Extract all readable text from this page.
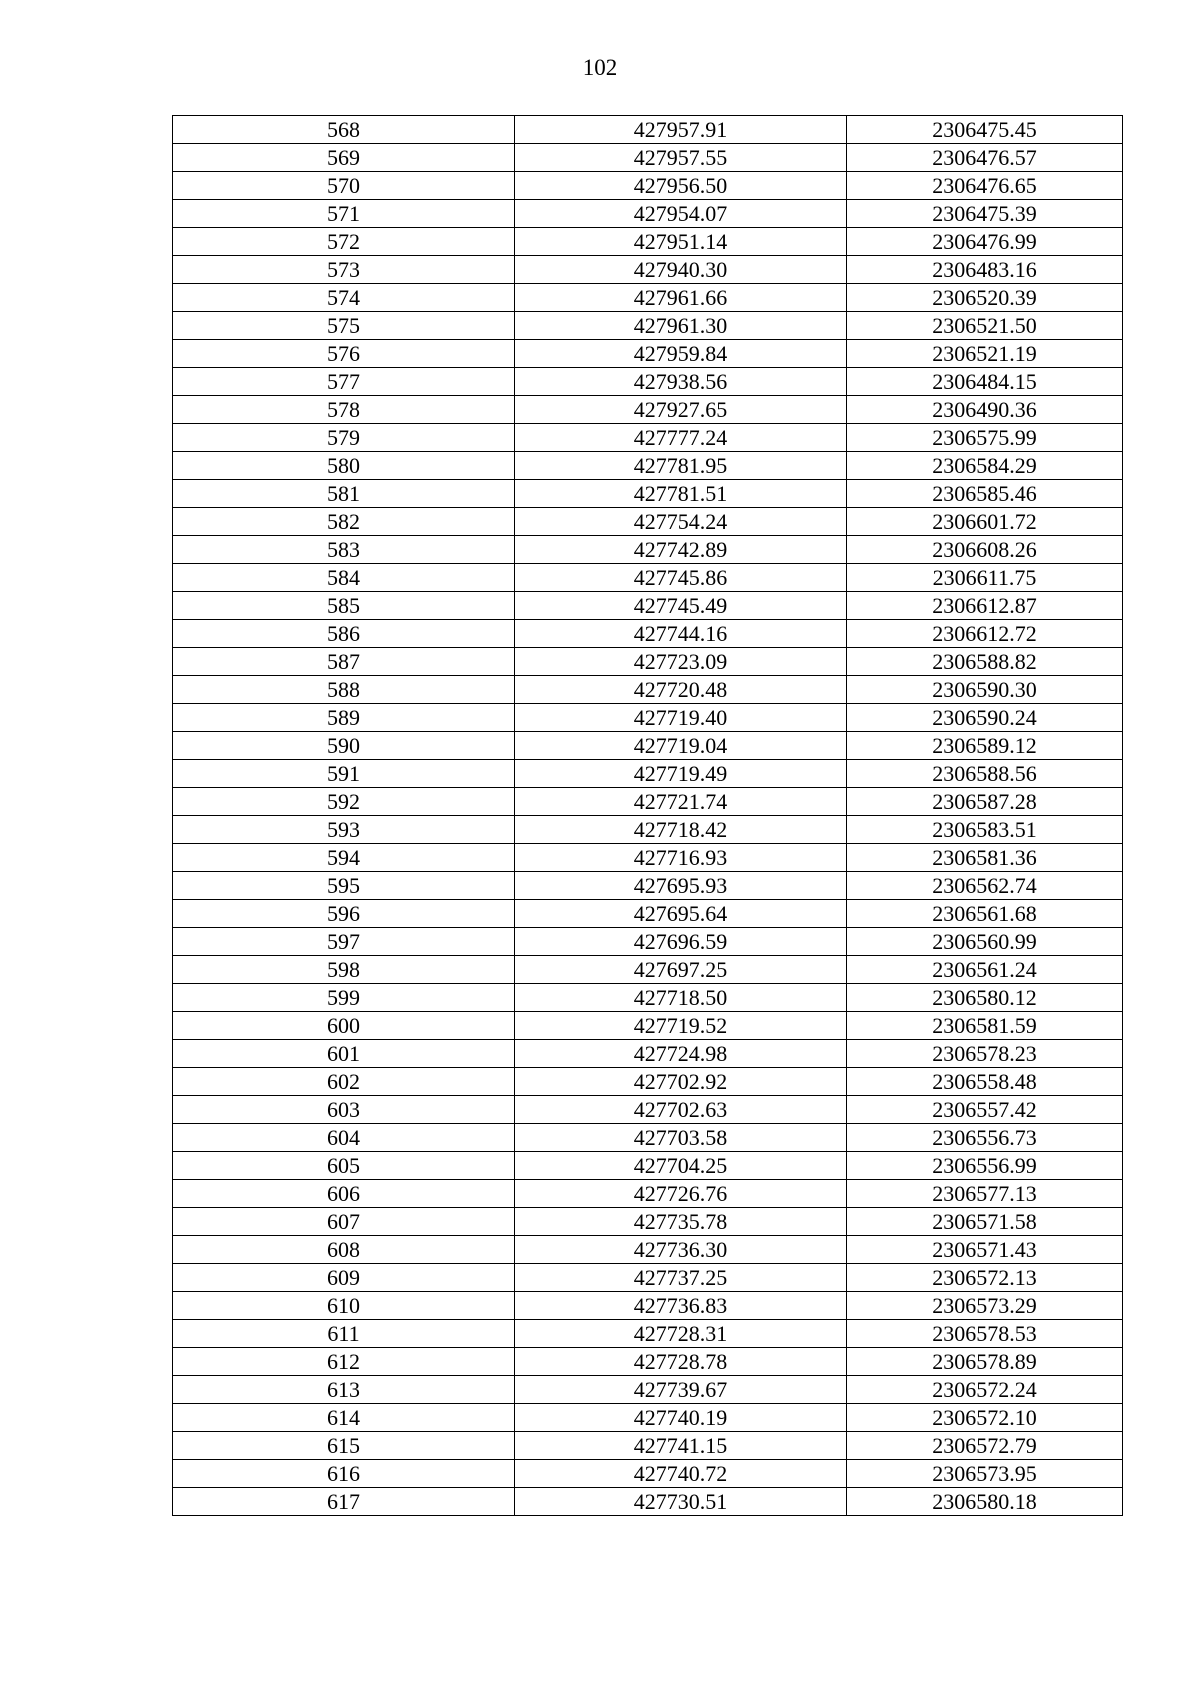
102
568	427957.91	2306475.45
569	427957.55	2306476.57
570	427956.50	2306476.65
571	427954.07	2306475.39
572	427951.14	2306476.99
573	427940.30	2306483.16
574	427961.66	2306520.39
575	427961.30	2306521.50
576	427959.84	2306521.19
577	427938.56	2306484.15
578	427927.65	2306490.36
579	427777.24	2306575.99
580	427781.95	2306584.29
581	427781.51	2306585.46
582	427754.24	2306601.72
583	427742.89	2306608.26
584	427745.86	2306611.75
585	427745.49	2306612.87
586	427744.16	2306612.72
587	427723.09	2306588.82
588	427720.48	2306590.30
589	427719.40	2306590.24
590	427719.04	2306589.12
591	427719.49	2306588.56
592	427721.74	2306587.28
593	427718.42	2306583.51
594	427716.93	2306581.36
595	427695.93	2306562.74
596	427695.64	2306561.68
597	427696.59	2306560.99
598	427697.25	2306561.24
599	427718.50	2306580.12
600	427719.52	2306581.59
601	427724.98	2306578.23
602	427702.92	2306558.48
603	427702.63	2306557.42
604	427703.58	2306556.73
605	427704.25	2306556.99
606	427726.76	2306577.13
607	427735.78	2306571.58
608	427736.30	2306571.43
609	427737.25	2306572.13
610	427736.83	2306573.29
611	427728.31	2306578.53
612	427728.78	2306578.89
613	427739.67	2306572.24
614	427740.19	2306572.10
615	427741.15	2306572.79
616	427740.72	2306573.95
617	427730.51	2306580.18
